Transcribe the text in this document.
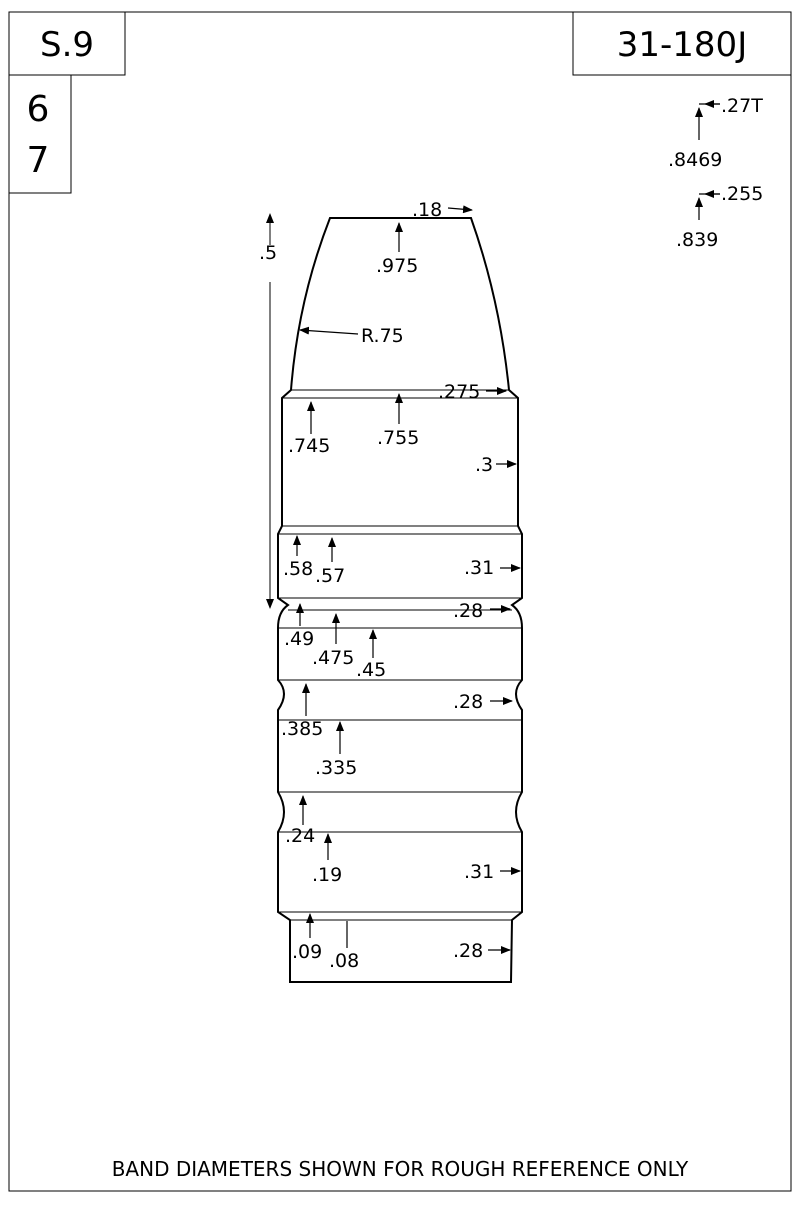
S.9	31-180J
6
7
.27T
.8469
.255
.839
.5
.18
.975
R.75
.275
.745 .755
.3
.58 .57	.31
.28
.49
.475
.45
.28
.385
.335
.24
.19	.31
.09 .08	.28
BAND DIAMETERS SHOWN FOR ROUGH REFERENCE ONLY
